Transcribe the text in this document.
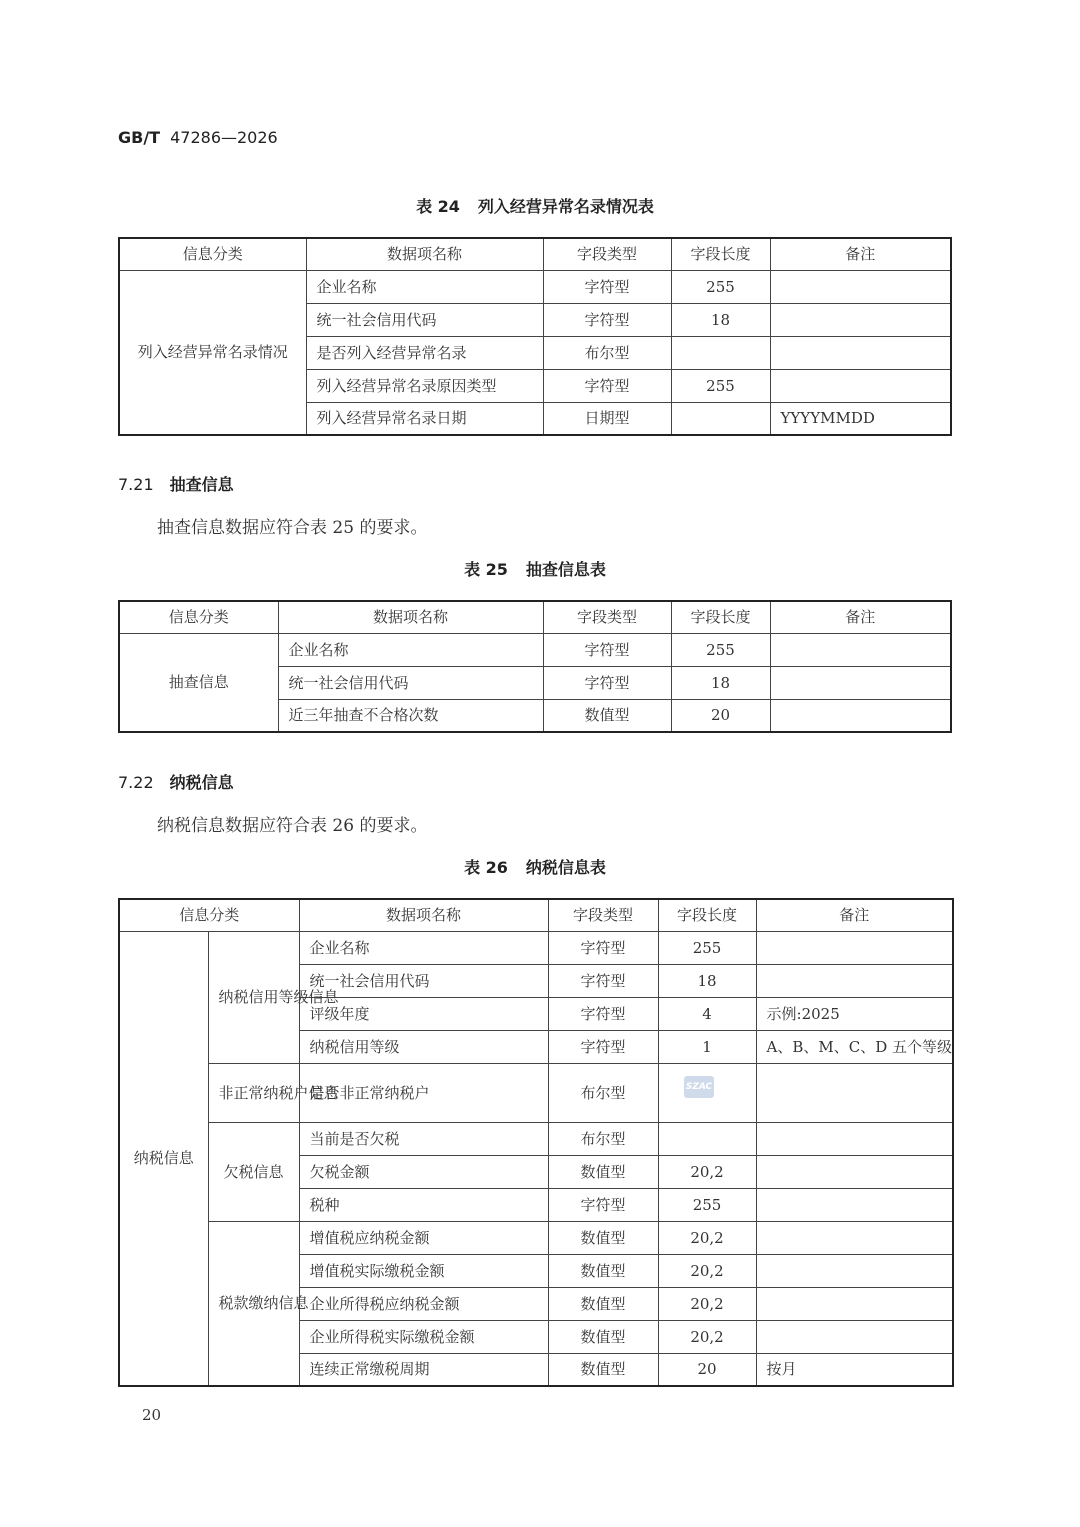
GB/T 47286—2026
表 24 列入经营异常名录情况表
信息分类	数据项名称	字段类型	字段长度	备注
列入经营异常名录情况	企业名称	字符型	255	
	统一社会信用代码	字符型	18	
	是否列入经营异常名录	布尔型		
	列入经营异常名录原因类型	字符型	255	
	列入经营异常名录日期	日期型		YYYYMMDD
7.21 抽查信息
抽查信息数据应符合表 25 的要求。
表 25 抽查信息表
信息分类	数据项名称	字段类型	字段长度	备注
抽查信息	企业名称	字符型	255	
	统一社会信用代码	字符型	18	
	近三年抽查不合格次数	数值型	20	
7.22 纳税信息
纳税信息数据应符合表 26 的要求。
表 26 纳税信息表
信息分类		数据项名称	字段类型	字段长度	备注
纳税信息	纳税信用等级信息	企业名称	字符型	255	
		统一社会信用代码	字符型	18	
		评级年度	字符型	4	示例:2025
		纳税信用等级	字符型	1	A、B、M、C、D 五个等级
	非正常纳税户信息	是否非正常纳税户	布尔型		
	欠税信息	当前是否欠税	布尔型		
		欠税金额	数值型	20,2	
		税种	字符型	255	
	税款缴纳信息	增值税应纳税金额	数值型	20,2	
		增值税实际缴税金额	数值型	20,2	
		企业所得税应纳税金额	数值型	20,2	
		企业所得税实际缴税金额	数值型	20,2	
		连续正常缴税周期	数值型	20	按月
SZAC
20
